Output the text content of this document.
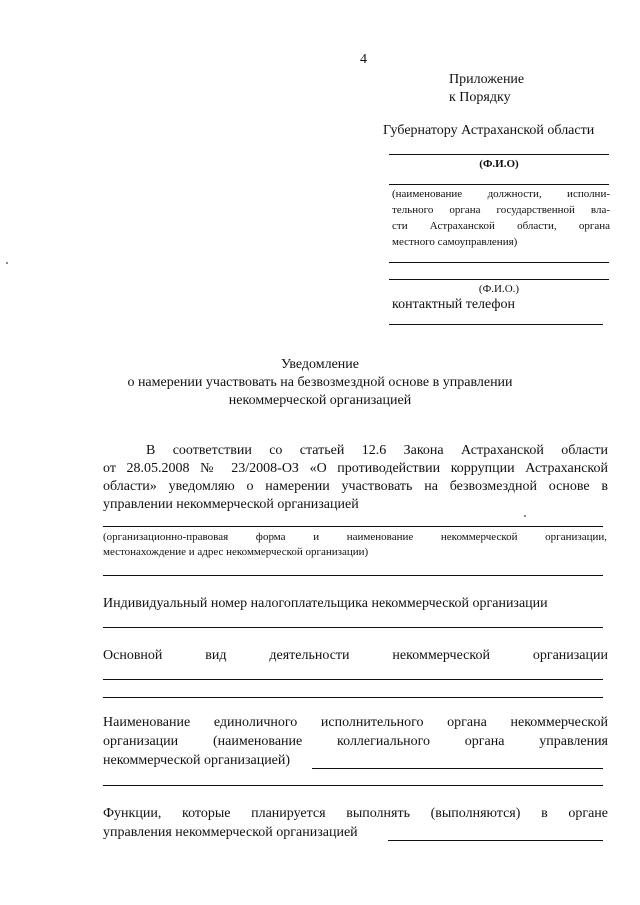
4
Приложение
к Порядку
Губернатору Астраханской области
(Ф.И.О)
(наименование должности, исполни-
тельного органа государственной вла-
сти Астраханской области, органа
местного самоуправления)
(Ф.И.О.)
контактный телефон
Уведомление
о намерении участвовать на безвозмездной основе в управлении
некоммерческой организацией
В соответствии со статьей 12.6 Закона Астраханской области
от 28.05.2008 № 23/2008-ОЗ «О противодействии коррупции Астраханской
области» уведомляю о намерении участвовать на безвозмездной основе в
управлении некоммерческой организацией
(организационно-правовая форма и наименование некоммерческой организации,
местонахождение и адрес некоммерческой организации)
Индивидуальный номер налогоплательщика некоммерческой организации
Основной вид деятельности некоммерческой организации
Наименование единоличного исполнительного органа некоммерческой
организации (наименование коллегиального органа управления
некоммерческой организацией)
Функции, которые планируется выполнять (выполняются) в органе
управления некоммерческой организацией
